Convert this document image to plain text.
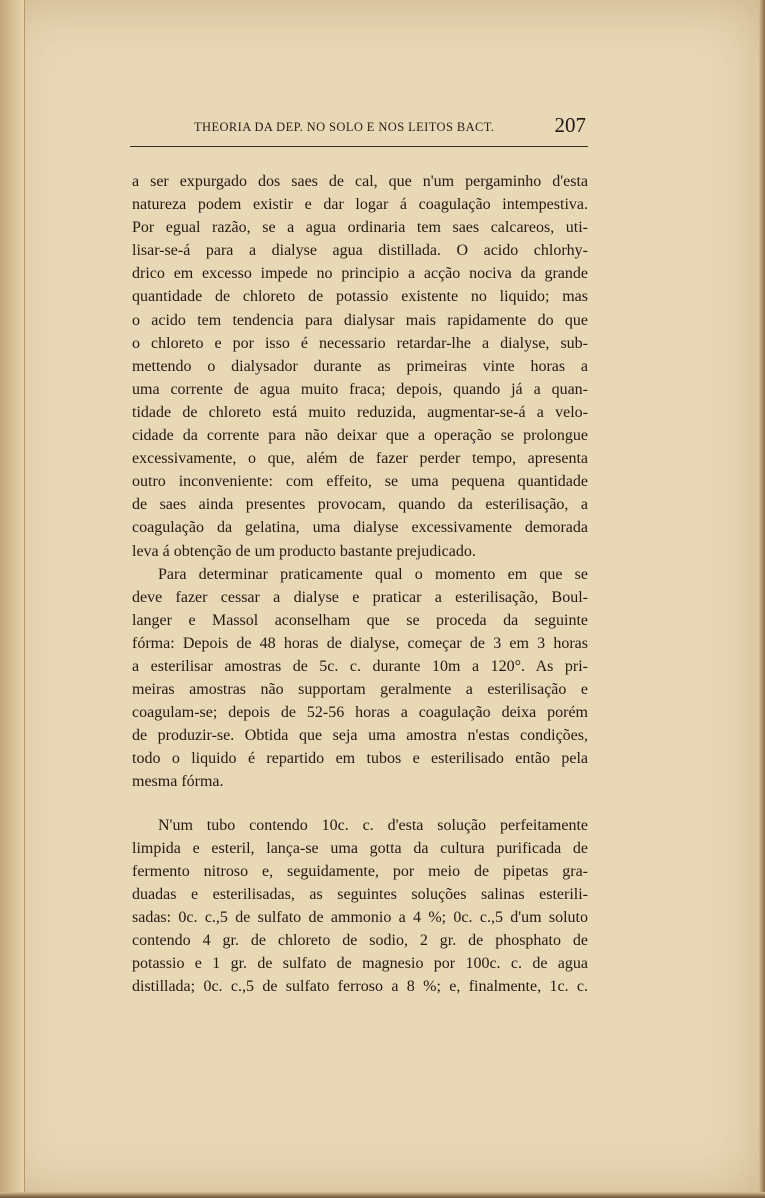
THEORIA DA DEP. NO SOLO E NOS LEITOS BACT.	207
a ser expurgado dos saes de cal, que n'um pergaminho d'esta
natureza podem existir e dar logar á coagulação intempestiva.
Por egual razão, se a agua ordinaria tem saes calcareos, uti-
lisar-se-á para a dialyse agua distillada. O acido chlorhy-
drico em excesso impede no principio a acção nociva da grande
quantidade de chloreto de potassio existente no liquido; mas
o acido tem tendencia para dialysar mais rapidamente do que
o chloreto e por isso é necessario retardar-lhe a dialyse, sub-
mettendo o dialysador durante as primeiras vinte horas a
uma corrente de agua muito fraca; depois, quando já a quan-
tidade de chloreto está muito reduzida, augmentar-se-á a velo-
cidade da corrente para não deixar que a operação se prolongue
excessivamente, o que, além de fazer perder tempo, apresenta
outro inconveniente: com effeito, se uma pequena quantidade
de saes ainda presentes provocam, quando da esterilisação, a
coagulação da gelatina, uma dialyse excessivamente demorada
leva á obtenção de um producto bastante prejudicado.
Para determinar praticamente qual o momento em que se
deve fazer cessar a dialyse e praticar a esterilisação, Boul-
langer e Massol aconselham que se proceda da seguinte
fórma: Depois de 48 horas de dialyse, começar de 3 em 3 horas
a esterilisar amostras de 5c. c. durante 10m a 120°. As pri-
meiras amostras não supportam geralmente a esterilisação e
coagulam-se; depois de 52-56 horas a coagulação deixa porém
de produzir-se. Obtida que seja uma amostra n'estas condições,
todo o liquido é repartido em tubos e esterilisado então pela
mesma fórma.
N'um tubo contendo 10c. c. d'esta solução perfeitamente
limpida e esteril, lança-se uma gotta da cultura purificada de
fermento nitroso e, seguidamente, por meio de pipetas gra-
duadas e esterilisadas, as seguintes soluções salinas esterili-
sadas: 0c. c.,5 de sulfato de ammonio a 4 %; 0c. c.,5 d'um soluto
contendo 4 gr. de chloreto de sodio, 2 gr. de phosphato de
potassio e 1 gr. de sulfato de magnesio por 100c. c. de agua
distillada; 0c. c.,5 de sulfato ferroso a 8 %; e, finalmente, 1c. c.
